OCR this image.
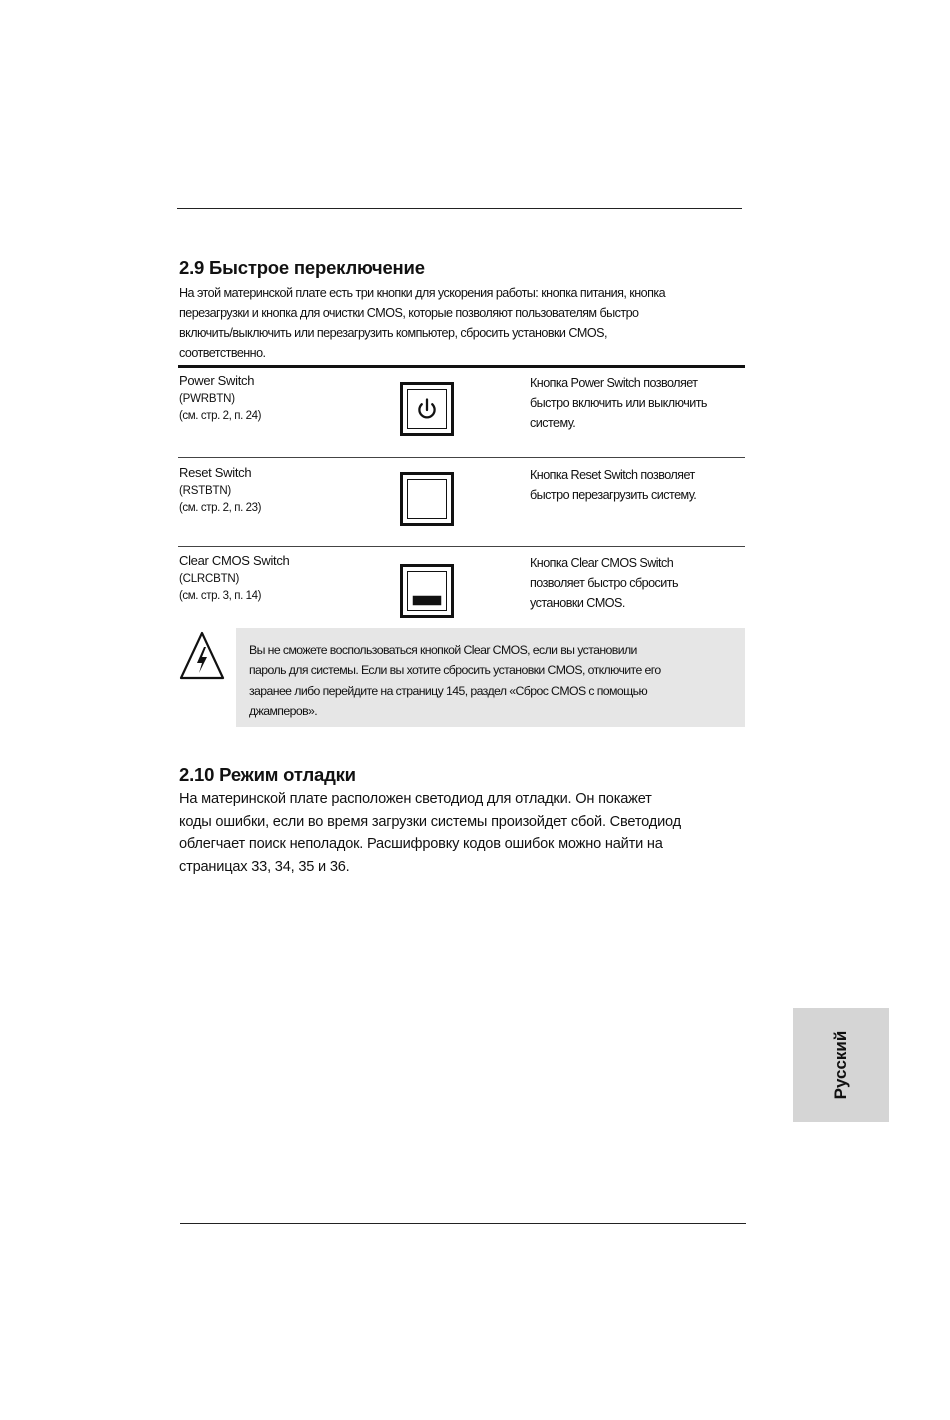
2.9 Быстрое переключение
На этой материнской плате есть три кнопки для ускорения работы: кнопка питания, кнопка
перезагрузки и кнопка для очистки CMOS, которые позволяют пользователям быстро
включить/выключить или перезагрузить компьютер, сбросить установки CMOS,
соответственно.
Power Switch
(PWRBTN)
(см. стр. 2, п. 24)
Кнопка Power Switch позволяет
быстро включить или выключить
систему.
Reset Switch
(RSTBTN)
(см. стр. 2, п. 23)
Кнопка Reset Switch позволяет
быстро перезагрузить систему.
Clear CMOS Switch
(CLRCBTN)
(см. стр. 3, п. 14)
Кнопка Clear CMOS Switch
позволяет быстро сбросить
установки CMOS.
Вы не сможете воспользоваться кнопкой Clear CMOS, если вы установили
пароль для системы. Если вы хотите сбросить установки CMOS, отключите его
заранее либо перейдите на страницу 145, раздел «Сброс CMOS с помощью
джамперов».
2.10 Режим отладки
На материнской плате расположен светодиод для отладки. Он покажет
коды ошибки, если во время загрузки системы произойдет сбой. Светодиод
облегчает поиск неполадок. Расшифровку кодов ошибок можно найти на
страницах 33, 34, 35 и 36.
Русский
